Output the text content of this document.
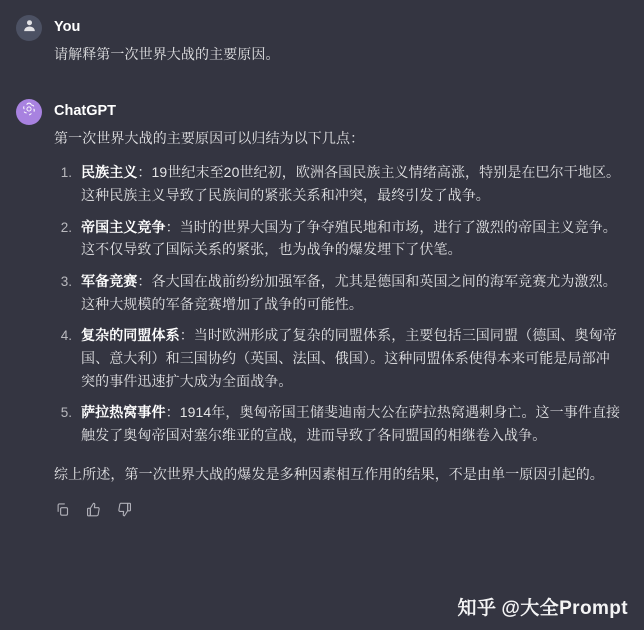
You

请解释第一次世界大战的主要原因。

ChatGPT

第一次世界大战的主要原因可以归结为以下几点：

1. 民族主义：19世纪末至20世纪初，欧洲各国民族主义情绪高涨，特别是在巴尔干地区。这种民族主义导致了民族间的紧张关系和冲突，最终引发了战争。
2. 帝国主义竞争：当时的世界大国为了争夺殖民地和市场，进行了激烈的帝国主义竞争。这不仅导致了国际关系的紧张，也为战争的爆发埋下了伏笔。
3. 军备竞赛：各大国在战前纷纷加强军备，尤其是德国和英国之间的海军竞赛尤为激烈。这种大规模的军备竞赛增加了战争的可能性。
4. 复杂的同盟体系：当时欧洲形成了复杂的同盟体系，主要包括三国同盟（德国、奥匈帝国、意大利）和三国协约（英国、法国、俄国）。这种同盟体系使得本来可能是局部冲突的事件迅速扩大成为全面战争。
5. 萨拉热窝事件：1914年，奥匈帝国王储斐迪南大公在萨拉热窝遇刺身亡。这一事件直接触发了奥匈帝国对塞尔维亚的宣战，进而导致了各同盟国的相继卷入战争。

综上所述，第一次世界大战的爆发是多种因素相互作用的结果，不是由单一原因引起的。

知乎 @大全Prompt
